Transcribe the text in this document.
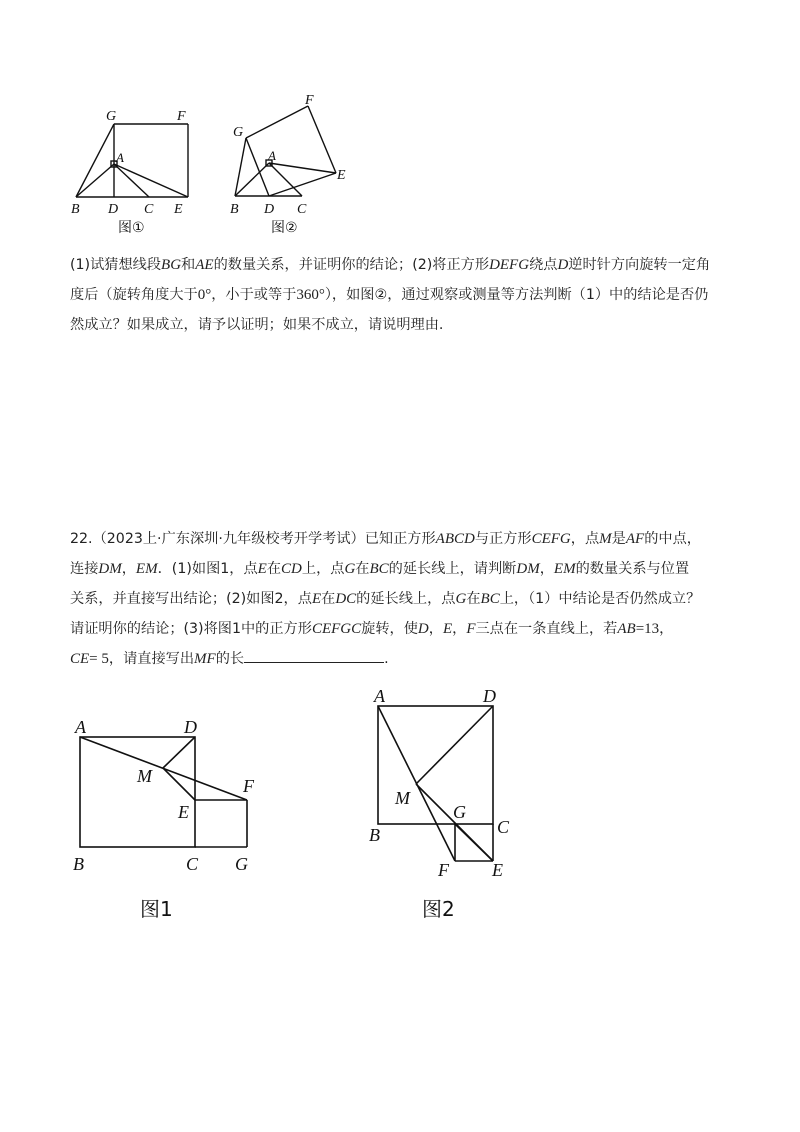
G	F
A
B D C E
图①
F
G
A
E
B D C
图②
(1)试猜想线段BG和AE的数量关系，并证明你的结论；(2)将正方形DEFG绕点D逆时针方向旋转一定角
度后（旋转角度大于0°，小于或等于360°），如图②，通过观察或测量等方法判断（1）中的结论是否仍
然成立？如果成立，请予以证明；如果不成立，请说明理由.
22.（2023上·广东深圳·九年级校考开学考试）已知正方形ABCD与正方形CEFG，点M是AF的中点，
连接DM，EM．(1)如图1，点E在CD上，点G在BC的延长线上，请判断DM，EM的数量关系与位置
关系，并直接写出结论；(2)如图2，点E在DC的延长线上，点G在BC上，（1）中结论是否仍然成立？
请证明你的结论；(3)将图1中的正方形CEFGC旋转，使D，E，F三点在一条直线上，若AB=13，
CE= 5，请直接写出MF的长	.
A	D
M	F
E
B	C G
图1
A	D
M
G
C
B
F E
图2
